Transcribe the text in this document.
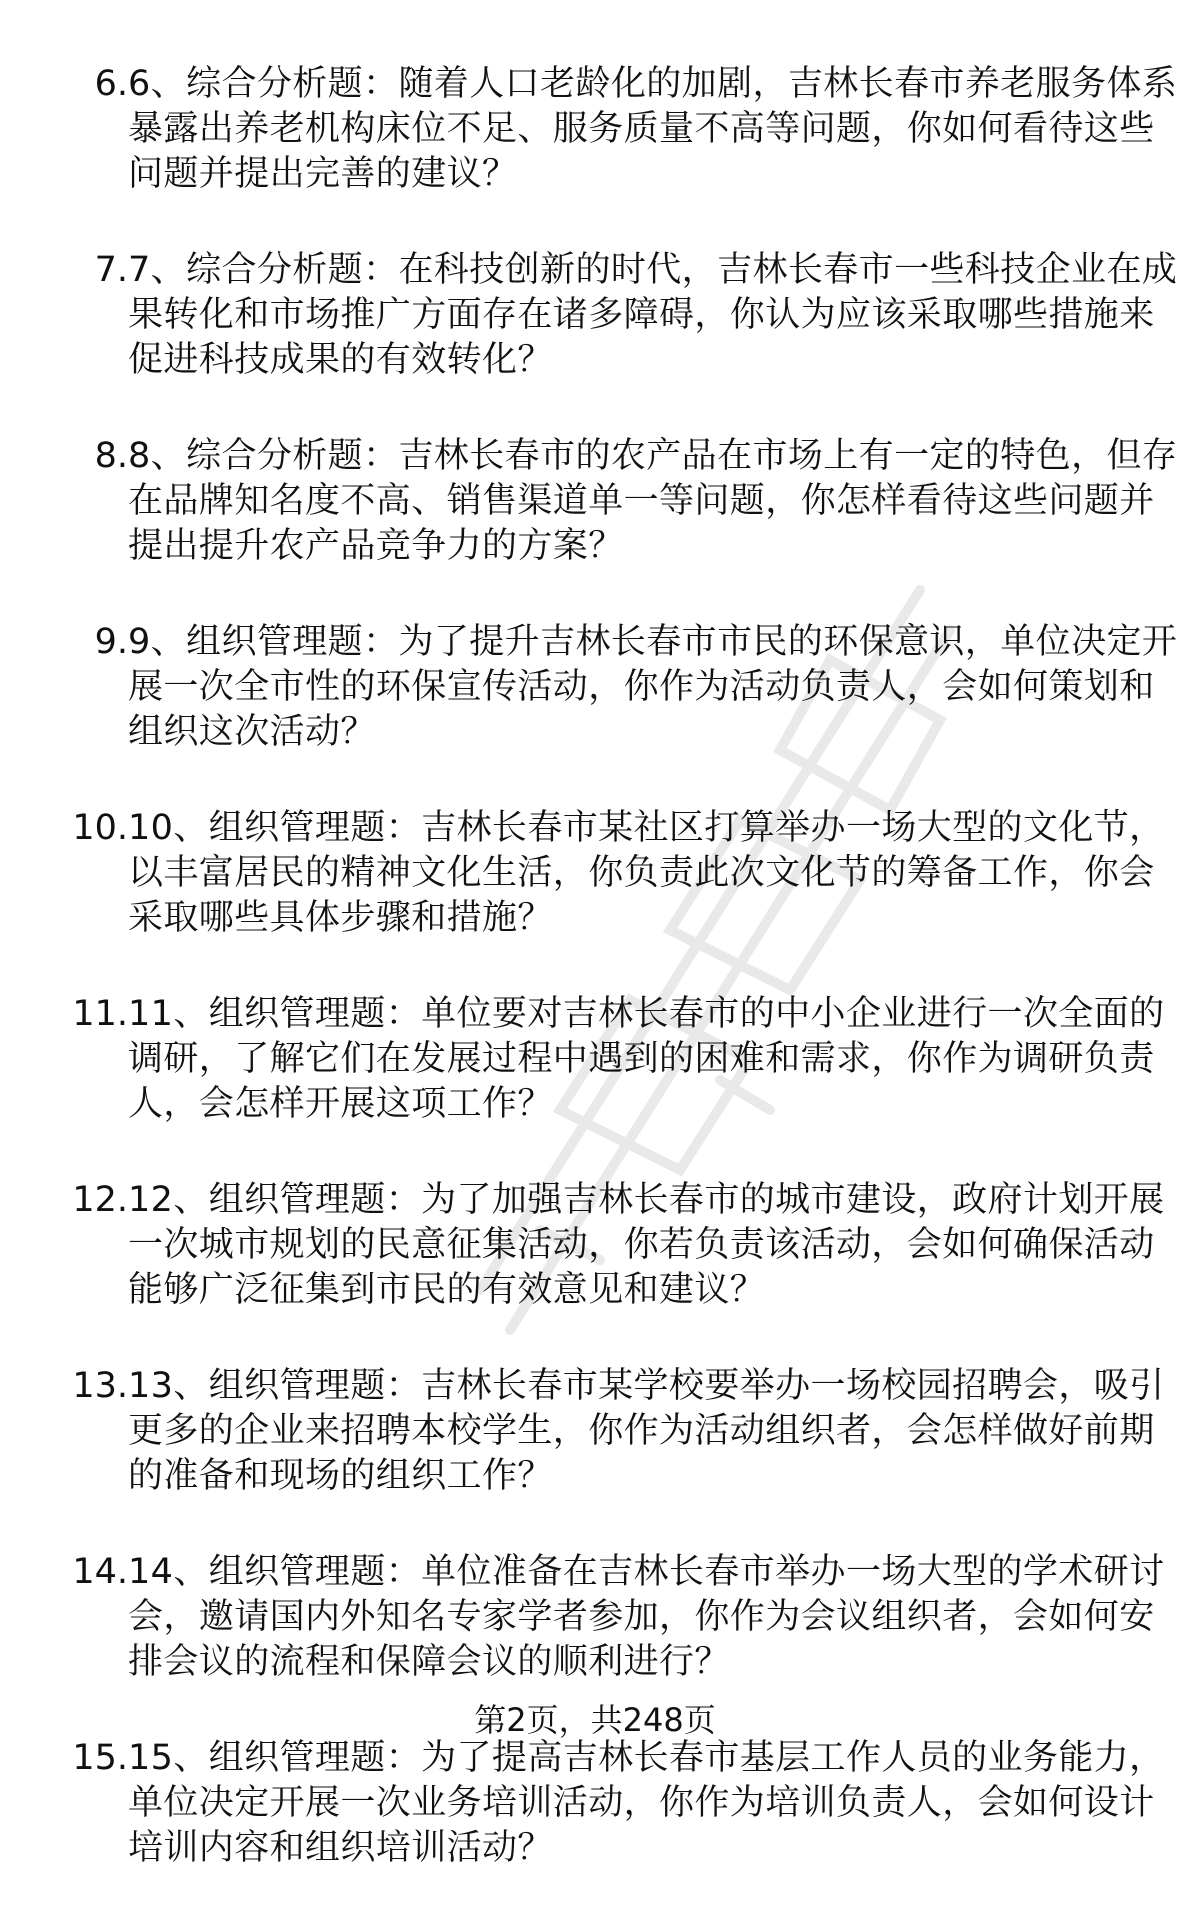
6. 6、综合分析题：随着人口老龄化的加剧，吉林长春市养老服务体系暴露出养老机构床位不足、服务质量不高等问题，你如何看待这些问题并提出完善的建议？
7. 7、综合分析题：在科技创新的时代，吉林长春市一些科技企业在成果转化和市场推广方面存在诸多障碍，你认为应该采取哪些措施来促进科技成果的有效转化？
8. 8、综合分析题：吉林长春市的农产品在市场上有一定的特色，但存在品牌知名度不高、销售渠道单一等问题，你怎样看待这些问题并提出提升农产品竞争力的方案？
9. 9、组织管理题：为了提升吉林长春市市民的环保意识，单位决定开展一次全市性的环保宣传活动，你作为活动负责人，会如何策划和组织这次活动？
10. 10、组织管理题：吉林长春市某社区打算举办一场大型的文化节，以丰富居民的精神文化生活，你负责此次文化节的筹备工作，你会采取哪些具体步骤和措施？
11. 11、组织管理题：单位要对吉林长春市的中小企业进行一次全面的调研，了解它们在发展过程中遇到的困难和需求，你作为调研负责人，会怎样开展这项工作？
12. 12、组织管理题：为了加强吉林长春市的城市建设，政府计划开展一次城市规划的民意征集活动，你若负责该活动，会如何确保活动能够广泛征集到市民的有效意见和建议？
13. 13、组织管理题：吉林长春市某学校要举办一场校园招聘会，吸引更多的企业来招聘本校学生，你作为活动组织者，会怎样做好前期的准备和现场的组织工作？
14. 14、组织管理题：单位准备在吉林长春市举办一场大型的学术研讨会，邀请国内外知名专家学者参加，你作为会议组织者，会如何安排会议的流程和保障会议的顺利进行？
15. 15、组织管理题：为了提高吉林长春市基层工作人员的业务能力，单位决定开展一次业务培训活动，你作为培训负责人，会如何设计培训内容和组织培训活动？
第2页，共248页
